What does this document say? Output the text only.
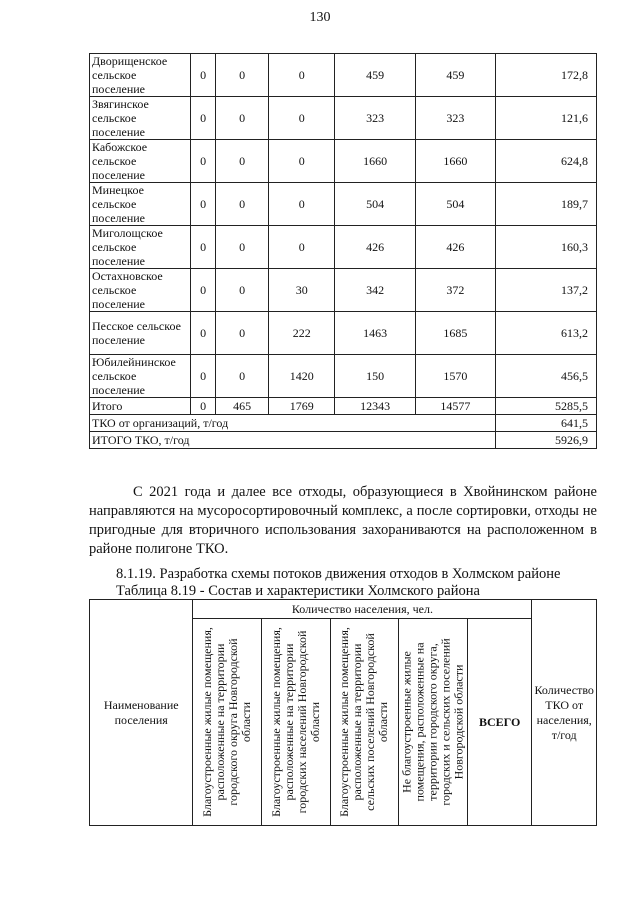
130
Дворищенское сельское поселение	0	0	0	459	459	172,8
Звягинское сельское поселение	0	0	0	323	323	121,6
Кабожское сельское поселение	0	0	0	1660	1660	624,8
Минецкое сельское поселение	0	0	0	504	504	189,7
Миголощское сельское поселение	0	0	0	426	426	160,3
Остахновское сельское поселение	0	0	30	342	372	137,2
Песское сельское поселение	0	0	222	1463	1685	613,2
Юбилейнинское сельское поселение	0	0	1420	150	1570	456,5
Итого	0	465	1769	12343	14577	5285,5
ТКО от организаций, т/год						641,5
ИТОГО ТКО, т/год						5926,9

С 2021 года и далее все отходы, образующиеся в Хвойнинском районе направляются на мусоросортировочный комплекс, а после сортировки, отходы не пригодные для вторичного использования захораниваются на расположенном в районе полигоне ТКО.

8.1.19. Разработка схемы потоков движения отходов в Холмском районе
Таблица 8.19 - Состав и характеристики Холмского района
Наименование поселения	Количество населения, чел.					Количество ТКО от населения, т/год

	Благоустроенные жилые помещения, расположенные на территории городского округа Новгородской области	Благоустроенные жилые помещения, расположенные на территории городских населений Новгородской области	Благоустроенные жилые помещения, расположенные на территории сельских поселений Новгородской области	Не благоустроенные жилые помещения, расположенные на территории городского округа, городских и сельских поселений Новгородской области	ВСЕГО	
